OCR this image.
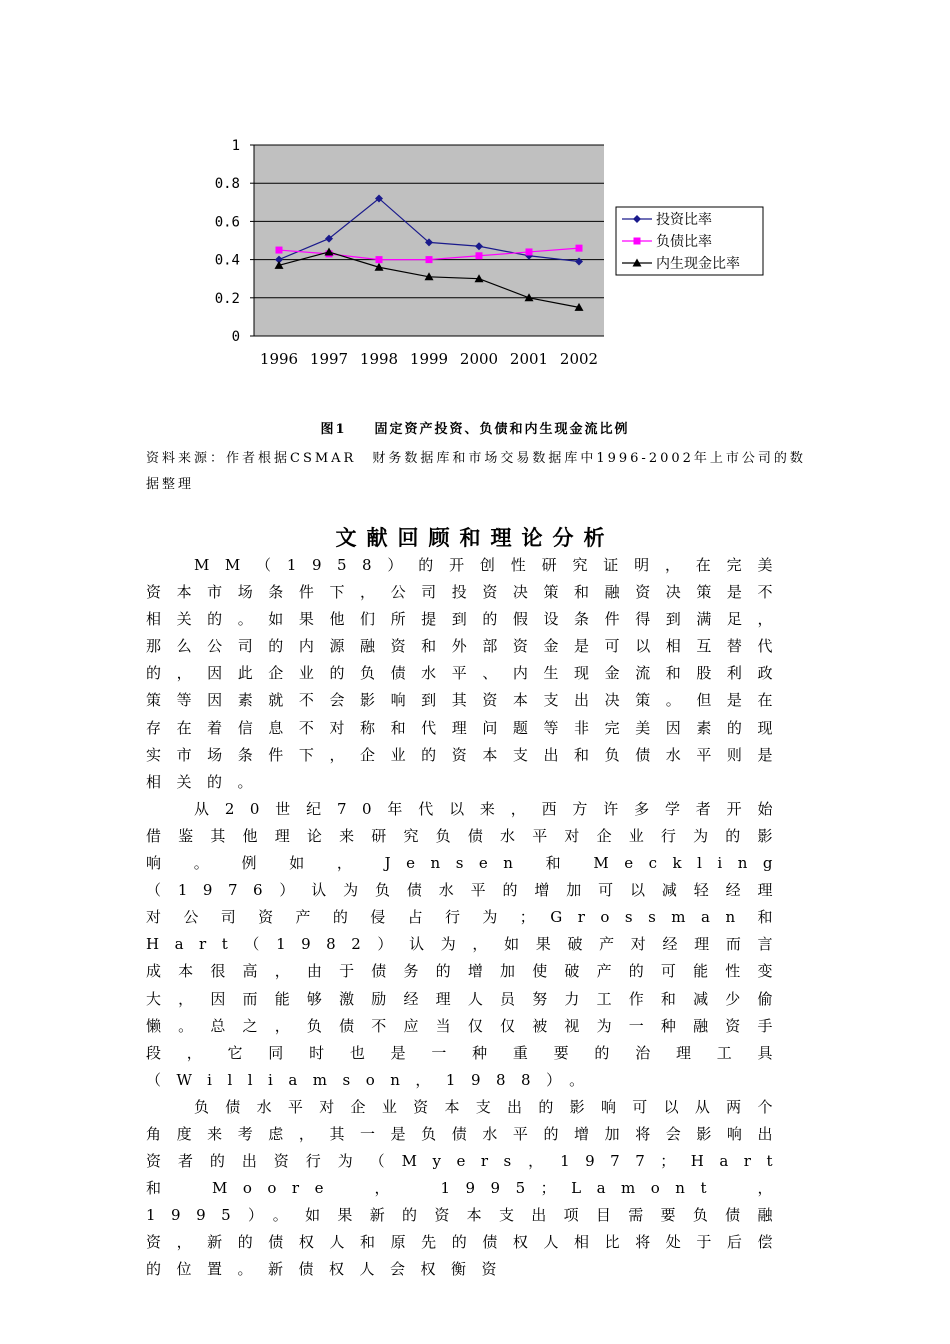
1
0.8
0.6
0.4
0.2
0
1996 1997 1998 1999 2000 2001 2002
投资比率
负债比率
内生现金比率
图1 固定资产投资、负债和内生现金流比例
资料来源：作者根据CSMAR　财务数据库和市场交易数据库中1996-2002年上市公司的数据整理
文献回顾和理论分析

MM（1958）的开创性研究证明，在完美资本市场条件下，公司投资决策和融资决策是不相关的。如果他们所提到的假设条件得到满足，那么公司的内源融资和外部资金是可以相互替代的，因此企业的负债水平、内生现金流和股利政策等因素就不会影响到其资本支出决策。但是在存在着信息不对称和代理问题等非完美因素的现实市场条件下，企业的资本支出和负债水平则是相关的。

从20世纪70年代以来，西方许多学者开始借鉴其他理论来研究负债水平对企业行为的影响。例如，Jensen和Meckling（1976）认为负债水平的增加可以减轻经理对公司资产的侵占行为；Grossman和Hart（1982）认为，如果破产对经理而言成本很高，由于债务的增加使破产的可能性变大，因而能够激励经理人员努力工作和减少偷懒。总之，负债不应当仅仅被视为一种融资手段，它同时也是一种重要的治理工具（Williamson，1988）。

负债水平对企业资本支出的影响可以从两个角度来考虑，其一是负债水平的增加将会影响出资者的出资行为（Myers，1977；Hart和Moore，1995；Lamont，1995）。如果新的资本支出项目需要负债融资，新的债权人和原先的债权人相比将处于后偿的位置。新债权人会权衡资
